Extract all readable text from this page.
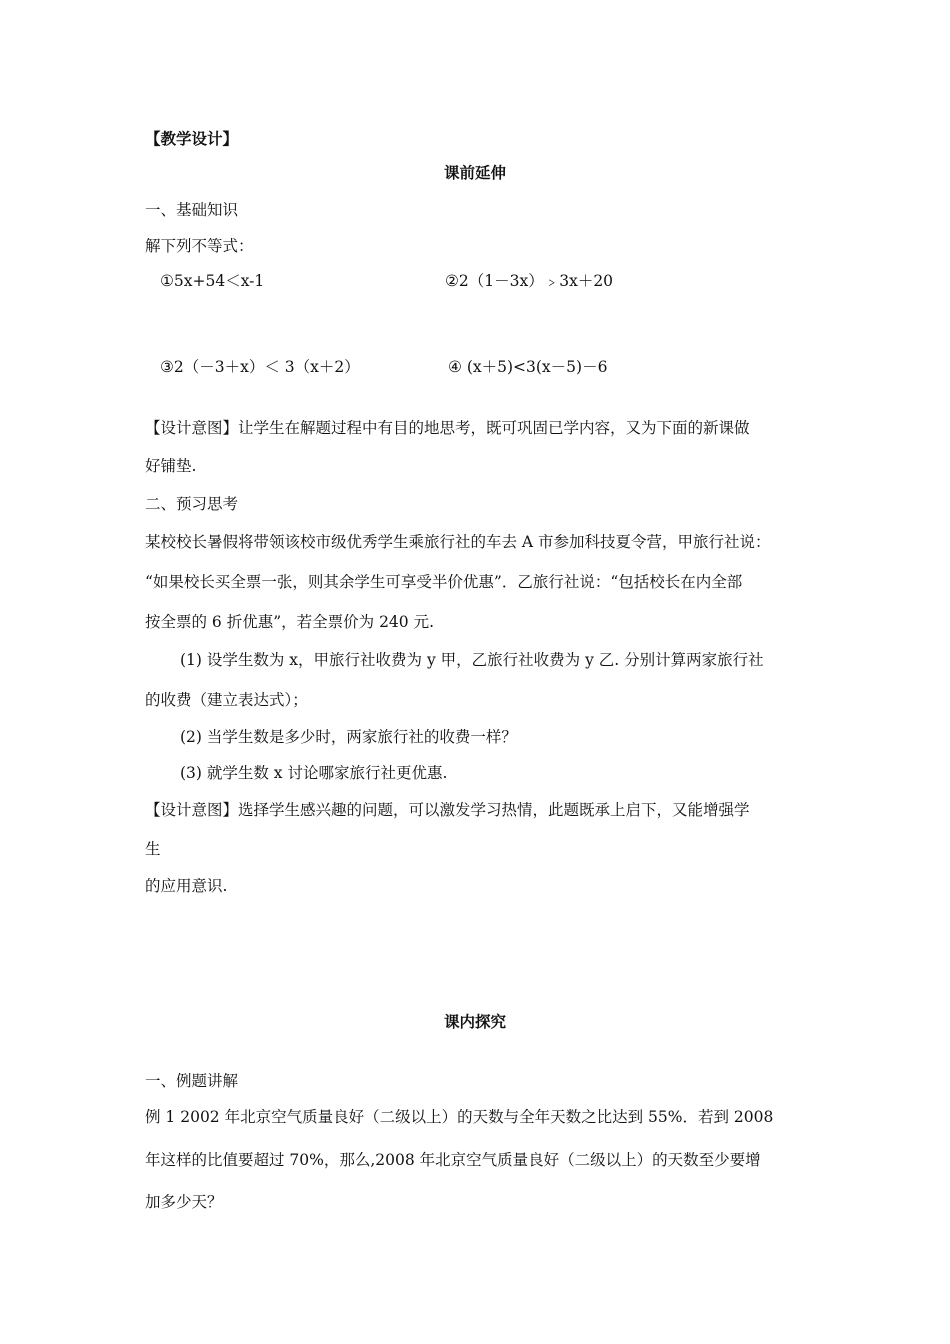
【教学设计】
课前延伸
一、基础知识
解下列不等式：
①5x+54＜x-1	②2（1－3x）﹥3x＋20
③2（－3＋x）＜ 3（x＋2）	④ (x＋5)<3(x－5)－6
【设计意图】让学生在解题过程中有目的地思考，既可巩固已学内容，又为下面的新课做
好铺垫.
二、预习思考
某校校长暑假将带领该校市级优秀学生乘旅行社的车去 A 市参加科技夏令营，甲旅行社说：
“如果校长买全票一张，则其余学生可享受半价优惠”．乙旅行社说：“包括校长在内全部
按全票的 6 折优惠”，若全票价为 240 元.
(1) 设学生数为 x，甲旅行社收费为 y 甲，乙旅行社收费为 y 乙. 分别计算两家旅行社
的收费（建立表达式）；
(2) 当学生数是多少时，两家旅行社的收费一样？
(3) 就学生数 x 讨论哪家旅行社更优惠.
【设计意图】选择学生感兴趣的问题，可以激发学习热情，此题既承上启下，又能增强学
生
的应用意识.
课内探究
一、例题讲解
例 1 2002 年北京空气质量良好（二级以上）的天数与全年天数之比达到 55%．若到 2008
年这样的比值要超过 70%，那么,2008 年北京空气质量良好（二级以上）的天数至少要增
加多少天？
